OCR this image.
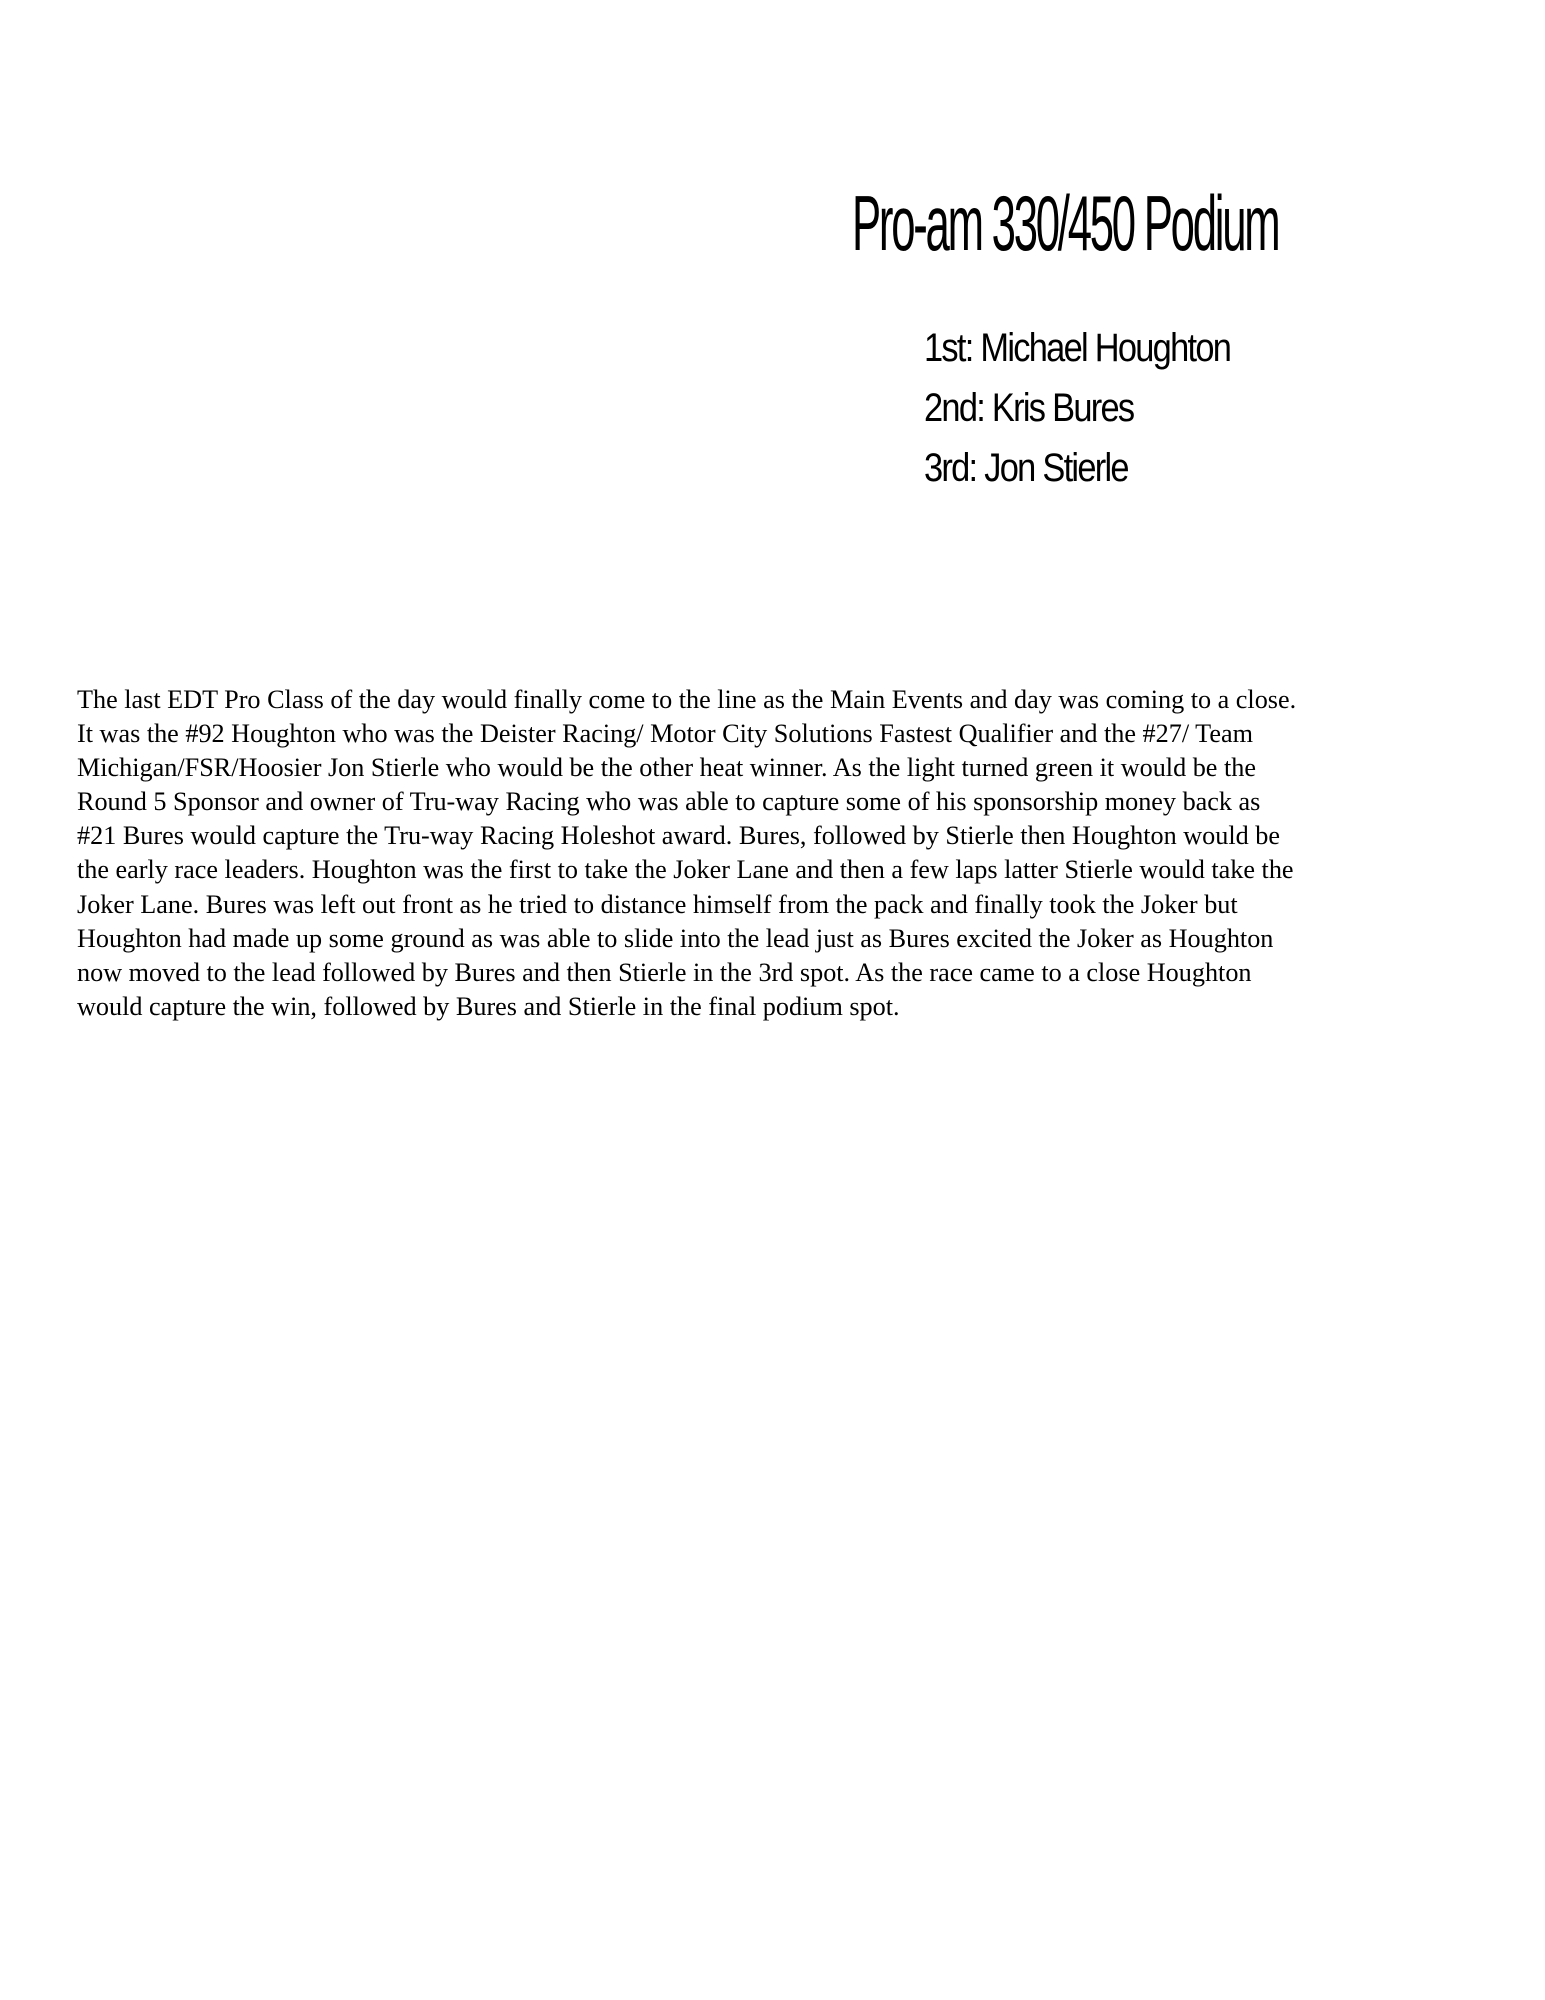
Pro-am 330/450 Podium
1st: Michael Houghton
2nd: Kris Bures
3rd: Jon Stierle

The last EDT Pro Class of the day would finally come to the line as the Main Events and day was coming to a close.
It was the #92 Houghton who was the Deister Racing/ Motor City Solutions Fastest Qualifier and the #27/ Team
Michigan/FSR/Hoosier Jon Stierle who would be the other heat winner. As the light turned green it would be the
Round 5 Sponsor and owner of Tru-way Racing who was able to capture some of his sponsorship money back as
#21 Bures would capture the Tru-way Racing Holeshot award. Bures, followed by Stierle then Houghton would be
the early race leaders. Houghton was the first to take the Joker Lane and then a few laps latter Stierle would take the
Joker Lane. Bures was left out front as he tried to distance himself from the pack and finally took the Joker but
Houghton had made up some ground as was able to slide into the lead just as Bures excited the Joker as Houghton
now moved to the lead followed by Bures and then Stierle in the 3rd spot. As the race came to a close Houghton
would capture the win, followed by Bures and Stierle in the final podium spot.
